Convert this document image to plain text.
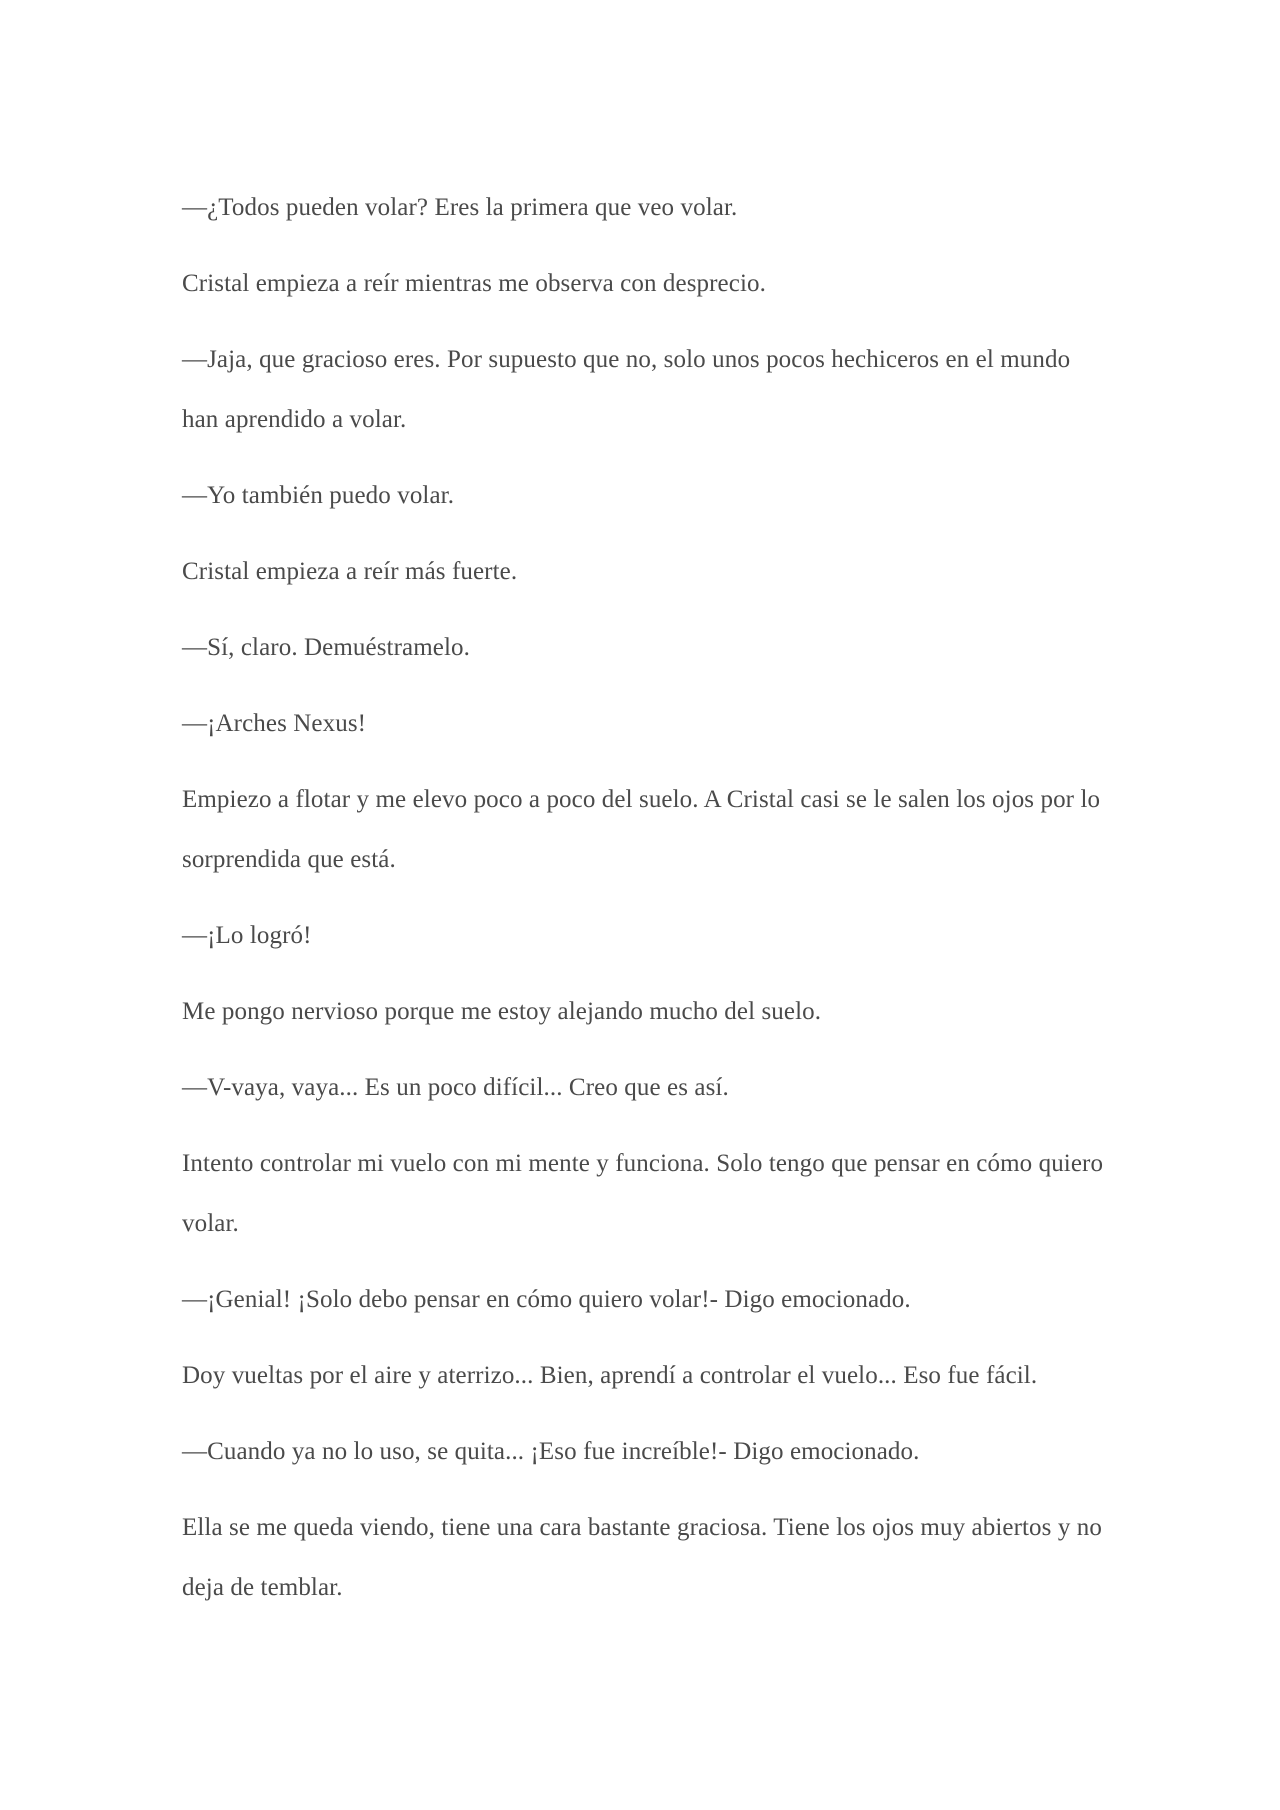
—¿Todos pueden volar? Eres la primera que veo volar.

Cristal empieza a reír mientras me observa con desprecio.

—Jaja, que gracioso eres. Por supuesto que no, solo unos pocos hechiceros en el mundo han aprendido a volar.

—Yo también puedo volar.

Cristal empieza a reír más fuerte.

—Sí, claro. Demuéstramelo.

—¡Arches Nexus!

Empiezo a flotar y me elevo poco a poco del suelo. A Cristal casi se le salen los ojos por lo sorprendida que está.

—¡Lo logró!

Me pongo nervioso porque me estoy alejando mucho del suelo.

—V-vaya, vaya... Es un poco difícil... Creo que es así.

Intento controlar mi vuelo con mi mente y funciona. Solo tengo que pensar en cómo quiero volar.

—¡Genial! ¡Solo debo pensar en cómo quiero volar!- Digo emocionado.

Doy vueltas por el aire y aterrizo... Bien, aprendí a controlar el vuelo... Eso fue fácil.

—Cuando ya no lo uso, se quita... ¡Eso fue increíble!- Digo emocionado.

Ella se me queda viendo, tiene una cara bastante graciosa. Tiene los ojos muy abiertos y no deja de temblar.
